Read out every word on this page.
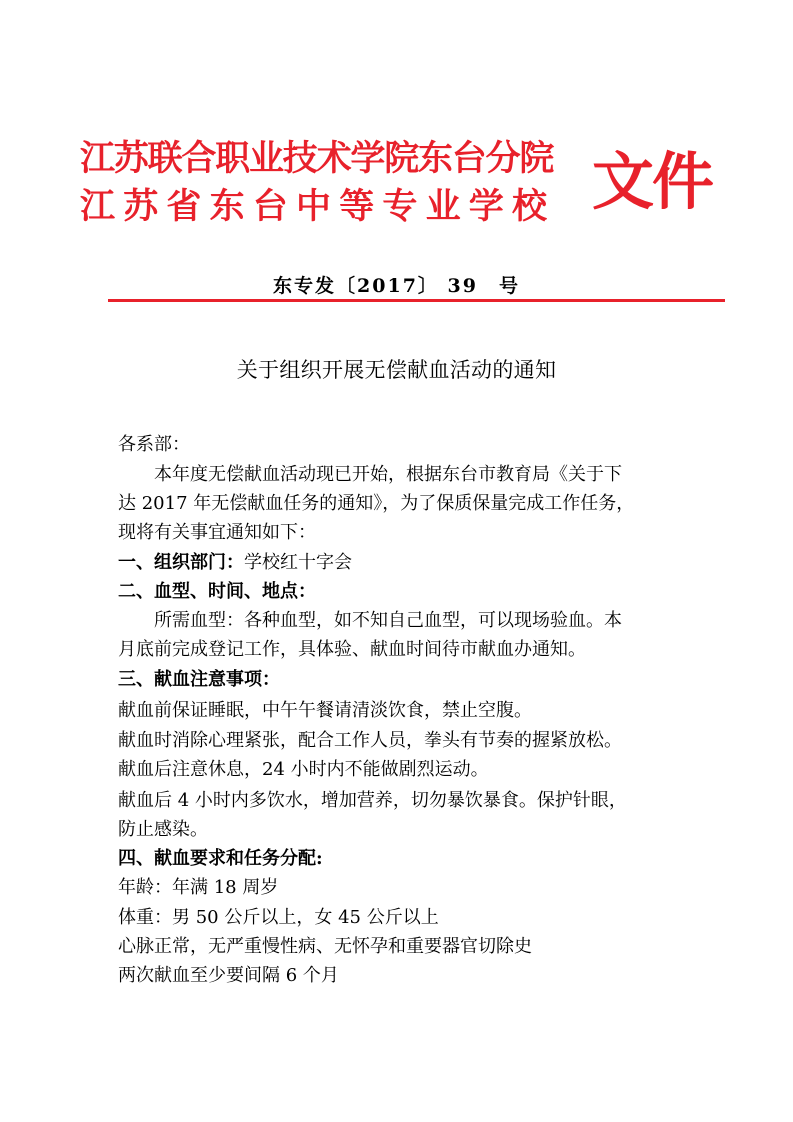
江苏联合职业技术学院东台分院
江苏省东台中等专业学校 文件
东专发〔2017〕 39　号
关于组织开展无偿献血活动的通知
各系部：
本年度无偿献血活动现已开始，根据东台市教育局《关于下
达 2017 年无偿献血任务的通知》，为了保质保量完成工作任务，
现将有关事宜通知如下：
一、组织部门：学校红十字会
二、血型、时间、地点：
所需血型：各种血型，如不知自己血型，可以现场验血。本
月底前完成登记工作，具体验、献血时间待市献血办通知。
三、献血注意事项：
献血前保证睡眠，中午午餐请清淡饮食，禁止空腹。
献血时消除心理紧张，配合工作人员，拳头有节奏的握紧放松。
献血后注意休息，24 小时内不能做剧烈运动。
献血后 4 小时内多饮水，增加营养，切勿暴饮暴食。保护针眼，
防止感染。
四、献血要求和任务分配:
年龄：年满 18 周岁
体重：男 50 公斤以上，女 45 公斤以上
心脉正常，无严重慢性病、无怀孕和重要器官切除史
两次献血至少要间隔 6 个月
